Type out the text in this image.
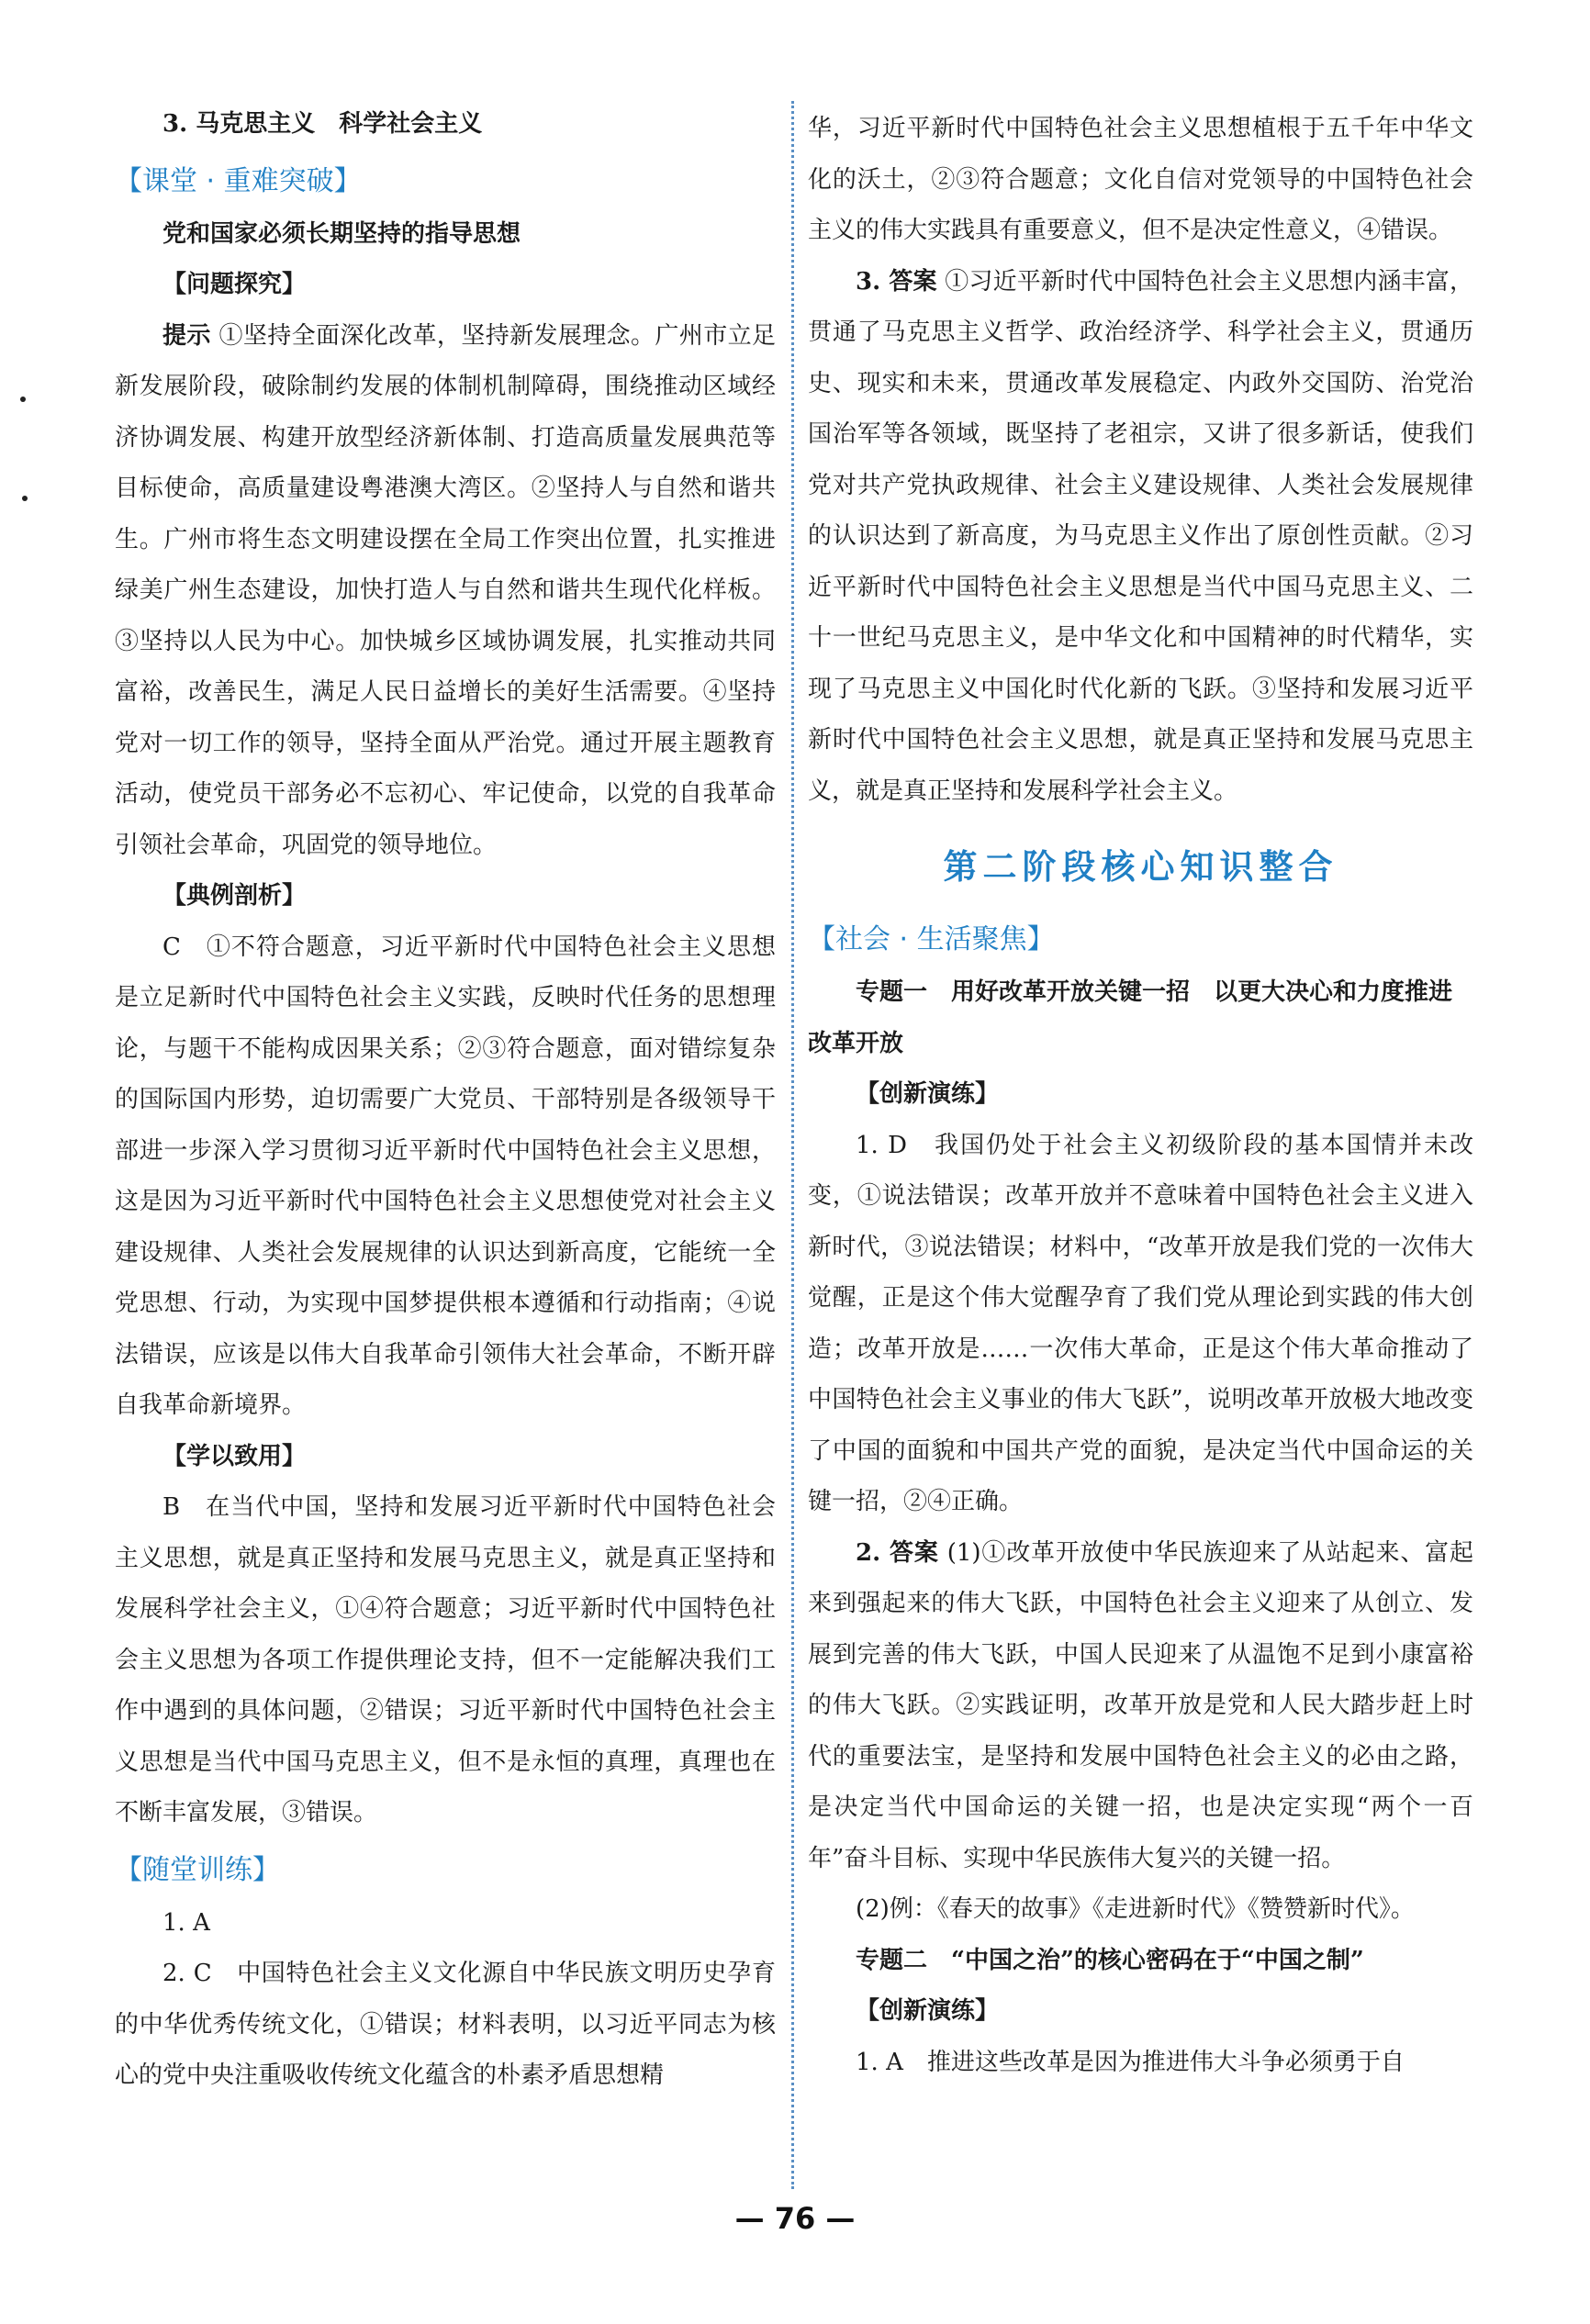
3. 马克思主义　科学社会主义

【课堂 · 重难突破】

党和国家必须长期坚持的指导思想

【问题探究】

提示 ①坚持全面深化改革，坚持新发展理念。广州市立足新发展阶段，破除制约发展的体制机制障碍，围绕推动区域经济协调发展、构建开放型经济新体制、打造高质量发展典范等目标使命，高质量建设粤港澳大湾区。②坚持人与自然和谐共生。广州市将生态文明建设摆在全局工作突出位置，扎实推进绿美广州生态建设，加快打造人与自然和谐共生现代化样板。③坚持以人民为中心。加快城乡区域协调发展，扎实推动共同富裕，改善民生，满足人民日益增长的美好生活需要。④坚持党对一切工作的领导，坚持全面从严治党。通过开展主题教育活动，使党员干部务必不忘初心、牢记使命，以党的自我革命引领社会革命，巩固党的领导地位。

【典例剖析】

C　①不符合题意，习近平新时代中国特色社会主义思想是立足新时代中国特色社会主义实践，反映时代任务的思想理论，与题干不能构成因果关系；②③符合题意，面对错综复杂的国际国内形势，迫切需要广大党员、干部特别是各级领导干部进一步深入学习贯彻习近平新时代中国特色社会主义思想，这是因为习近平新时代中国特色社会主义思想使党对社会主义建设规律、人类社会发展规律的认识达到新高度，它能统一全党思想、行动，为实现中国梦提供根本遵循和行动指南；④说法错误，应该是以伟大自我革命引领伟大社会革命，不断开辟自我革命新境界。

【学以致用】

B　在当代中国，坚持和发展习近平新时代中国特色社会主义思想，就是真正坚持和发展马克思主义，就是真正坚持和发展科学社会主义，①④符合题意；习近平新时代中国特色社会主义思想为各项工作提供理论支持，但不一定能解决我们工作中遇到的具体问题，②错误；习近平新时代中国特色社会主义思想是当代中国马克思主义，但不是永恒的真理，真理也在不断丰富发展，③错误。

【随堂训练】

1. A

2. C　中国特色社会主义文化源自中华民族文明历史孕育的中华优秀传统文化，①错误；材料表明，以习近平同志为核心的党中央注重吸收传统文化蕴含的朴素矛盾思想精

华，习近平新时代中国特色社会主义思想植根于五千年中华文化的沃土，②③符合题意；文化自信对党领导的中国特色社会主义的伟大实践具有重要意义，但不是决定性意义，④错误。

3. 答案 ①习近平新时代中国特色社会主义思想内涵丰富，贯通了马克思主义哲学、政治经济学、科学社会主义，贯通历史、现实和未来，贯通改革发展稳定、内政外交国防、治党治国治军等各领域，既坚持了老祖宗，又讲了很多新话，使我们党对共产党执政规律、社会主义建设规律、人类社会发展规律的认识达到了新高度，为马克思主义作出了原创性贡献。②习近平新时代中国特色社会主义思想是当代中国马克思主义、二十一世纪马克思主义，是中华文化和中国精神的时代精华，实现了马克思主义中国化时代化新的飞跃。③坚持和发展习近平新时代中国特色社会主义思想，就是真正坚持和发展马克思主义，就是真正坚持和发展科学社会主义。

第二阶段核心知识整合
【社会 · 生活聚焦】

专题一　用好改革开放关键一招　以更大决心和力度推进改革开放

【创新演练】

1. D　我国仍处于社会主义初级阶段的基本国情并未改变，①说法错误；改革开放并不意味着中国特色社会主义进入新时代，③说法错误；材料中，“改革开放是我们党的一次伟大觉醒，正是这个伟大觉醒孕育了我们党从理论到实践的伟大创造；改革开放是……一次伟大革命，正是这个伟大革命推动了中国特色社会主义事业的伟大飞跃”，说明改革开放极大地改变了中国的面貌和中国共产党的面貌，是决定当代中国命运的关键一招，②④正确。

2. 答案 (1)①改革开放使中华民族迎来了从站起来、富起来到强起来的伟大飞跃，中国特色社会主义迎来了从创立、发展到完善的伟大飞跃，中国人民迎来了从温饱不足到小康富裕的伟大飞跃。②实践证明，改革开放是党和人民大踏步赶上时代的重要法宝，是坚持和发展中国特色社会主义的必由之路，是决定当代中国命运的关键一招，也是决定实现“两个一百年”奋斗目标、实现中华民族伟大复兴的关键一招。

(2)例：《春天的故事》《走进新时代》《赞赞新时代》。

专题二　“中国之治”的核心密码在于“中国之制”

【创新演练】

1. A　推进这些改革是因为推进伟大斗争必须勇于自

— 76 —
